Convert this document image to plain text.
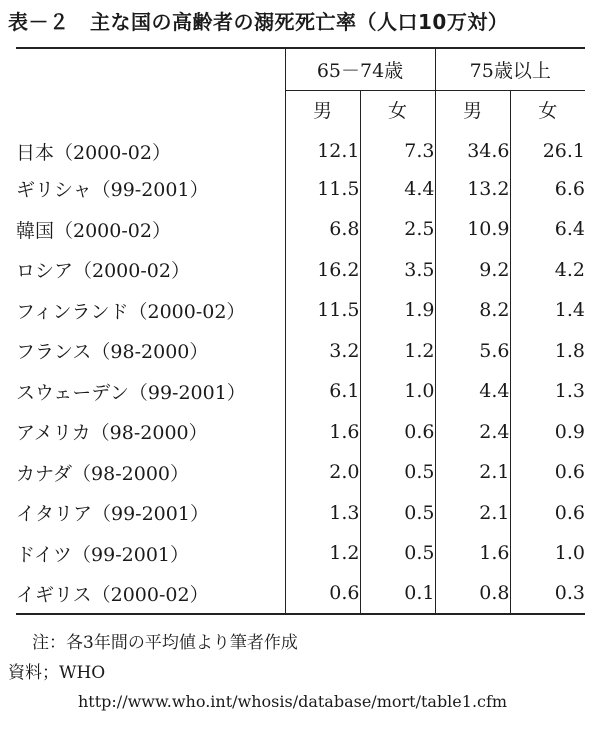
表－２　主な国の高齢者の溺死死亡率（人口10万対）
	65－74歳		75歳以上	
	男	女	男	女
日本（2000-02）	12.1	7.3	34.6	26.1
ギリシャ（99-2001）	11.5	4.4	13.2	6.6
韓国（2000-02）	6.8	2.5	10.9	6.4
ロシア（2000-02）	16.2	3.5	9.2	4.2
フィンランド（2000-02）	11.5	1.9	8.2	1.4
フランス（98-2000）	3.2	1.2	5.6	1.8
スウェーデン（99-2001）	6.1	1.0	4.4	1.3
アメリカ（98-2000）	1.6	0.6	2.4	0.9
カナダ（98-2000）	2.0	0.5	2.1	0.6
イタリア（99-2001）	1.3	0.5	2.1	0.6
ドイツ（99-2001）	1.2	0.5	1.6	1.0
イギリス（2000-02）	0.6	0.1	0.8	0.3
注：各3年間の平均値より筆者作成
資料；WHO
http://www.who.int/whosis/database/mort/table1.cfm
